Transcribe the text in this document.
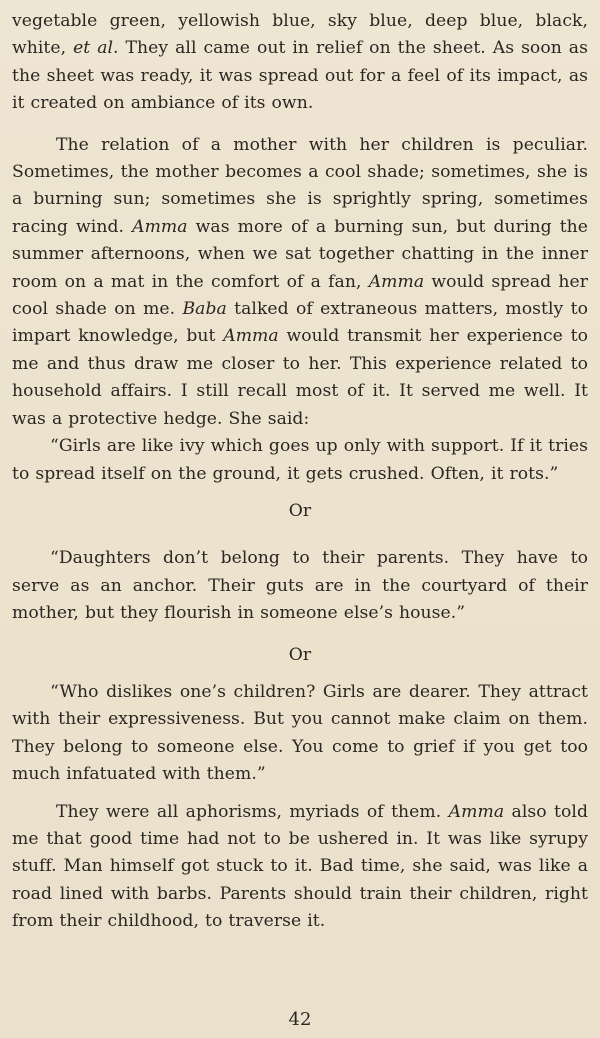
vegetable green, yellowish blue, sky blue, deep blue, black, white, et al. They all came out in relief on the sheet. As soon as the sheet was ready, it was spread out for a feel of its impact, as it created on ambiance of its own.

The relation of a mother with her children is peculiar. Sometimes, the mother becomes a cool shade; sometimes, she is a burning sun; sometimes she is sprightly spring, sometimes racing wind. Amma was more of a burning sun, but during the summer afternoons, when we sat together chatting in the inner room on a mat in the comfort of a fan, Amma would spread her cool shade on me. Baba talked of extraneous matters, mostly to impart knowledge, but Amma would transmit her experience to me and thus draw me closer to her. This experience related to household affairs. I still recall most of it. It served me well. It was a protective hedge. She said:

“Girls are like ivy which goes up only with support. If it tries to spread itself on the ground, it gets crushed. Often, it rots.”

Or

“Daughters don’t belong to their parents. They have to serve as an anchor. Their guts are in the courtyard of their mother, but they flourish in someone else’s house.”

Or

“Who dislikes one’s children? Girls are dearer. They attract with their expressiveness. But you cannot make claim on them. They belong to someone else. You come to grief if you get too much infatuated with them.”

They were all aphorisms, myriads of them. Amma also told me that good time had not to be ushered in. It was like syrupy stuff. Man himself got stuck to it. Bad time, she said, was like a road lined with barbs. Parents should train their children, right from their childhood, to traverse it.

42
